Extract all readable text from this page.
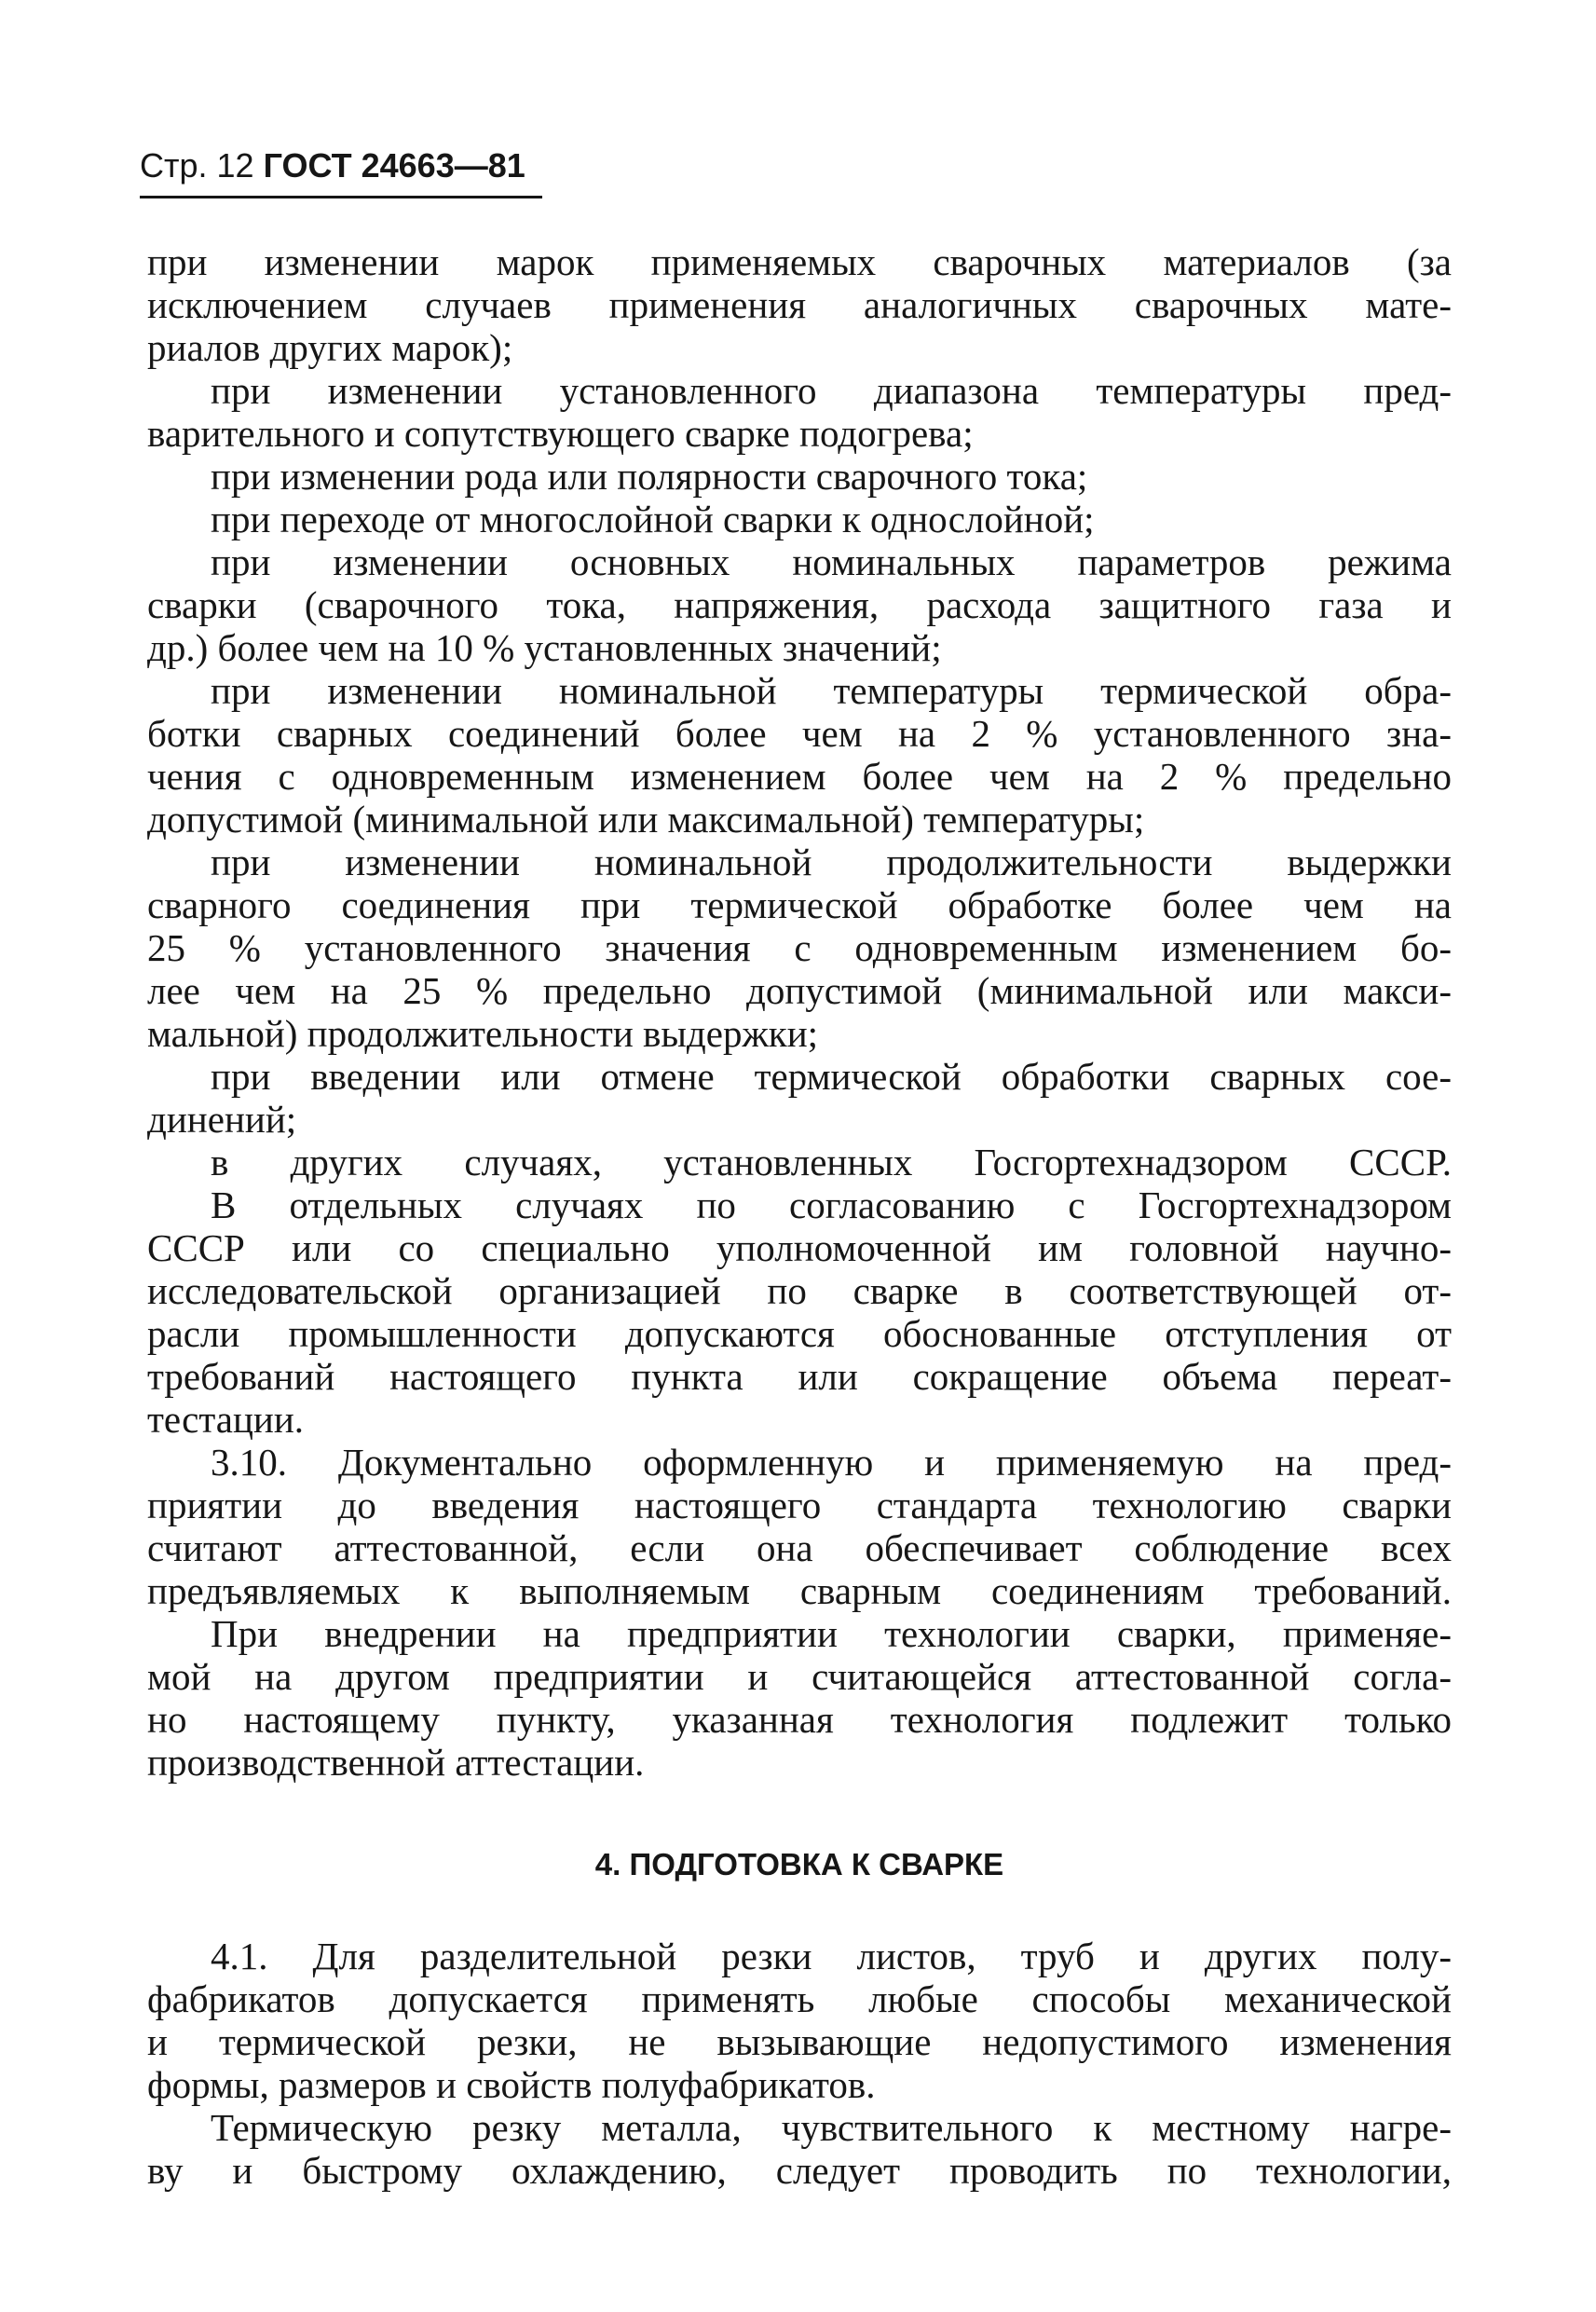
Стр. 12 ГОСТ 24663—81
при изменении марок применяемых сварочных материалов (за
исключением случаев применения аналогичных сварочных мате-
риалов других марок);
при изменении установленного диапазона температуры пред-
варительного и сопутствующего сварке подогрева;
при изменении рода или полярности сварочного тока;
при переходе от многослойной сварки к однослойной;
при изменении основных номинальных параметров режима
сварки (сварочного тока, напряжения, расхода защитного газа и
др.) более чем на 10 % установленных значений;
при изменении номинальной температуры термической обра-
ботки сварных соединений более чем на 2 % установленного зна-
чения с одновременным изменением более чем на 2 % предельно
допустимой (минимальной или максимальной) температуры;
при изменении номинальной продолжительности выдержки
сварного соединения при термической обработке более чем на
25 % установленного значения с одновременным изменением бо-
лее чем на 25 % предельно допустимой (минимальной или макси-
мальной) продолжительности выдержки;
при введении или отмене термической обработки сварных сое-
динений;
в других случаях, установленных Госгортехнадзором СССР.
В отдельных случаях по согласованию с Госгортехнадзором
СССР или со специально уполномоченной им головной научно-
исследовательской организацией по сварке в соответствующей от-
расли промышленности допускаются обоснованные отступления от
требований настоящего пункта или сокращение объема переат-
тестации.
3.10. Документально оформленную и применяемую на пред-
приятии до введения настоящего стандарта технологию сварки
считают аттестованной, если она обеспечивает соблюдение всех
предъявляемых к выполняемым сварным соединениям требований.
При внедрении на предприятии технологии сварки, применяе-
мой на другом предприятии и считающейся аттестованной согла-
но настоящему пункту, указанная технология подлежит только
производственной аттестации.
4. ПОДГОТОВКА К СВАРКЕ
4.1. Для разделительной резки листов, труб и других полу-
фабрикатов допускается применять любые способы механической
и термической резки, не вызывающие недопустимого изменения
формы, размеров и свойств полуфабрикатов.
Термическую резку металла, чувствительного к местному нагре-
ву и быстрому охлаждению, следует проводить по технологии,
